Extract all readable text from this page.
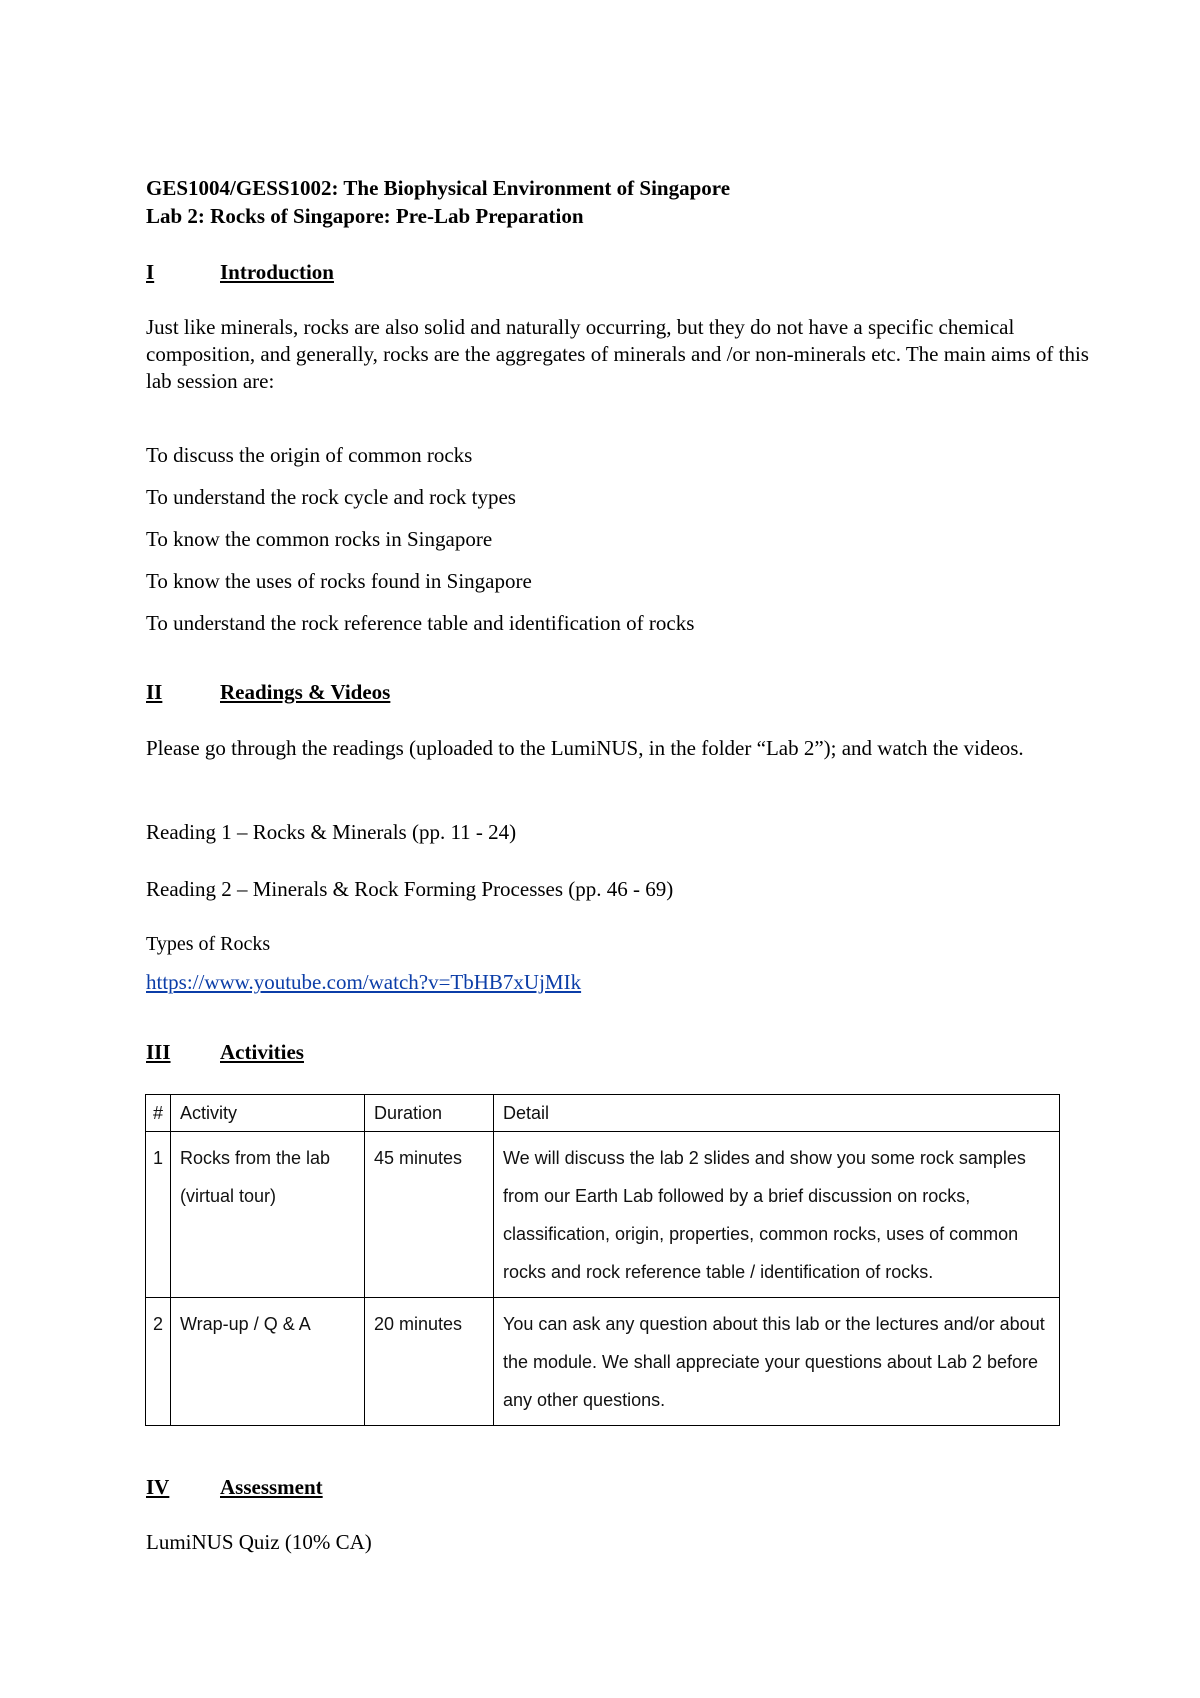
GES1004/GESS1002: The Biophysical Environment of Singapore
Lab 2: Rocks of Singapore: Pre-Lab Preparation
I	Introduction
Just like minerals, rocks are also solid and naturally occurring, but they do not have a specific chemical composition, and generally, rocks are the aggregates of minerals and /or non-minerals etc. The main aims of this lab session are:
To discuss the origin of common rocks
To understand the rock cycle and rock types
To know the common rocks in Singapore
To know the uses of rocks found in Singapore
To understand the rock reference table and identification of rocks
II	Readings & Videos
Please go through the readings (uploaded to the LumiNUS, in the folder “Lab 2”); and watch the videos.
Reading 1 – Rocks & Minerals (pp. 11 - 24)
Reading 2 – Minerals & Rock Forming Processes (pp. 46 - 69)
Types of Rocks
https://www.youtube.com/watch?v=TbHB7xUjMIk
III Activities
#	Activity	Duration	Detail
1	Rocks from the lab (virtual tour)	45 minutes	We will discuss the lab 2 slides and show you some rock samples from our Earth Lab followed by a brief discussion on rocks, classification, origin, properties, common rocks, uses of common rocks and rock reference table / identification of rocks.
2	Wrap-up / Q & A	20 minutes	You can ask any question about this lab or the lectures and/or about the module. We shall appreciate your questions about Lab 2 before any other questions.
IV Assessment
LumiNUS Quiz (10% CA)
